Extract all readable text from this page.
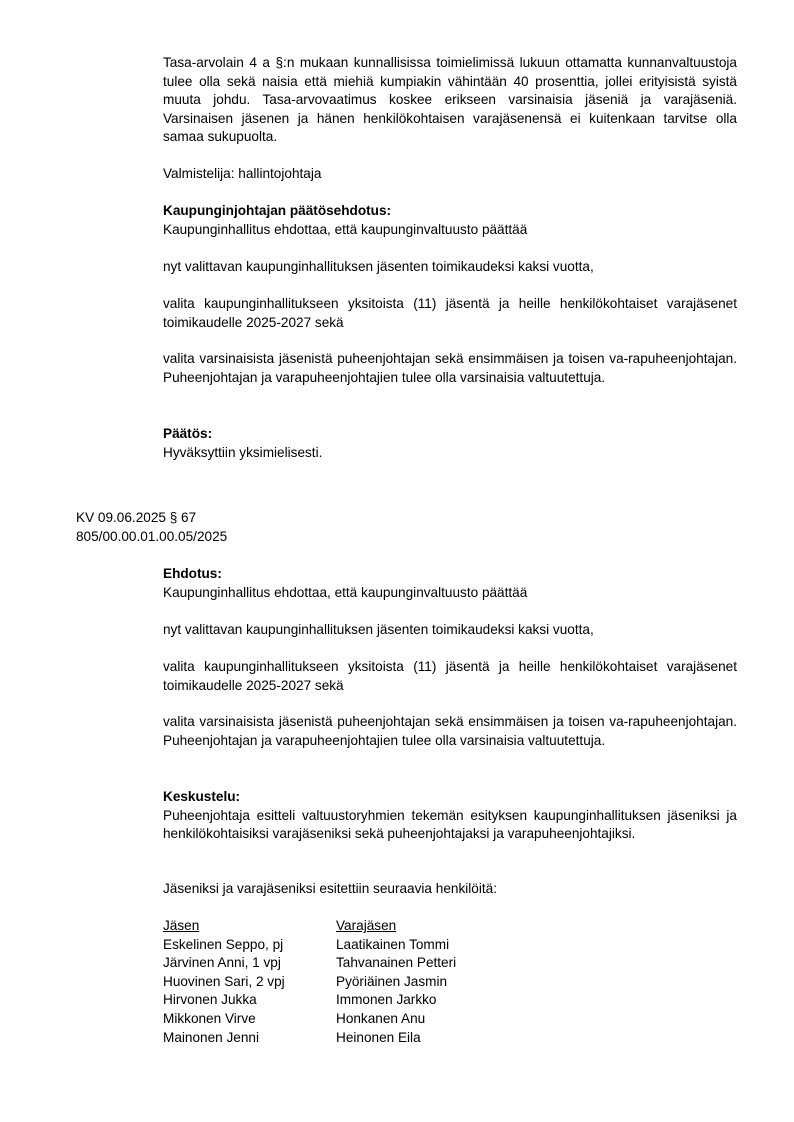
Tasa-arvolain 4 a §:n mukaan kunnallisissa toimielimissä lukuun ottamatta kunnanvaltuustoja tulee olla sekä naisia että miehiä kumpiakin vähintään 40 prosenttia, jollei erityisistä syistä muuta johdu. Tasa-arvovaatimus koskee erikseen varsinaisia jäseniä ja varajäseniä. Varsinaisen jäsenen ja hänen henkilökohtaisen varajäsenensä ei kuitenkaan tarvitse olla samaa sukupuolta.

Valmistelija: hallintojohtaja

Kaupunginjohtajan päätösehdotus:

Kaupunginhallitus ehdottaa, että kaupunginvaltuusto päättää

nyt valittavan kaupunginhallituksen jäsenten toimikaudeksi kaksi vuotta,

valita kaupunginhallitukseen yksitoista (11) jäsentä ja heille henkilökohtaiset varajäsenet toimikaudelle 2025-2027 sekä

valita varsinaisista jäsenistä puheenjohtajan sekä ensimmäisen ja toisen va-rapuheenjohtajan. Puheenjohtajan ja varapuheenjohtajien tulee olla varsinaisia valtuutettuja.

Päätös:

Hyväksyttiin yksimielisesti.

KV 09.06.2025 § 67
805/00.00.01.00.05/2025

Ehdotus:

Kaupunginhallitus ehdottaa, että kaupunginvaltuusto päättää

nyt valittavan kaupunginhallituksen jäsenten toimikaudeksi kaksi vuotta,

valita kaupunginhallitukseen yksitoista (11) jäsentä ja heille henkilökohtaiset varajäsenet toimikaudelle 2025-2027 sekä

valita varsinaisista jäsenistä puheenjohtajan sekä ensimmäisen ja toisen va-rapuheenjohtajan. Puheenjohtajan ja varapuheenjohtajien tulee olla varsinaisia valtuutettuja.

Keskustelu:

Puheenjohtaja esitteli valtuustoryhmien tekemän esityksen kaupunginhallituksen jäseniksi ja henkilökohtaisiksi varajäseniksi sekä puheenjohtajaksi ja varapuheenjohtajiksi.

Jäseniksi ja varajäseniksi esitettiin seuraavia henkilöitä:

Jäsen	Varajäsen
Eskelinen Seppo, pj	Laatikainen Tommi
Järvinen Anni, 1 vpj	Tahvanainen Petteri
Huovinen Sari, 2 vpj	Pyöriäinen Jasmin
Hirvonen Jukka	Immonen Jarkko
Mikkonen Virve	Honkanen Anu
Mainonen Jenni	Heinonen Eila
